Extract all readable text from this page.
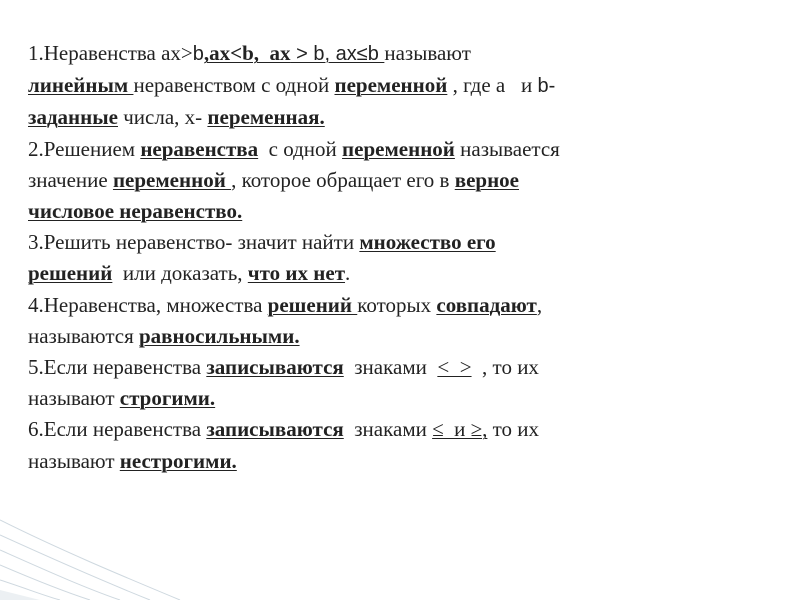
1.Неравенства ax>b,ax<b,  ax > b, ax≤b называют

линейным неравенством с одной переменной , где а   и b-

заданные числа, х- переменная.

2.Решением неравенства  с одной переменной называется

значение переменной , которое обращает его в верное

числовое неравенство.

3.Решить неравенство- значит найти множество его

решений  или доказать, что их нет.

4.Неравенства, множества решений которых совпадают,

называются равносильными.

5.Если неравенства записываются  знаками  <  >  , то их

называют строгими.

6.Если неравенства записываются  знаками ≤  и ≥, то их

называют нестрогими.
